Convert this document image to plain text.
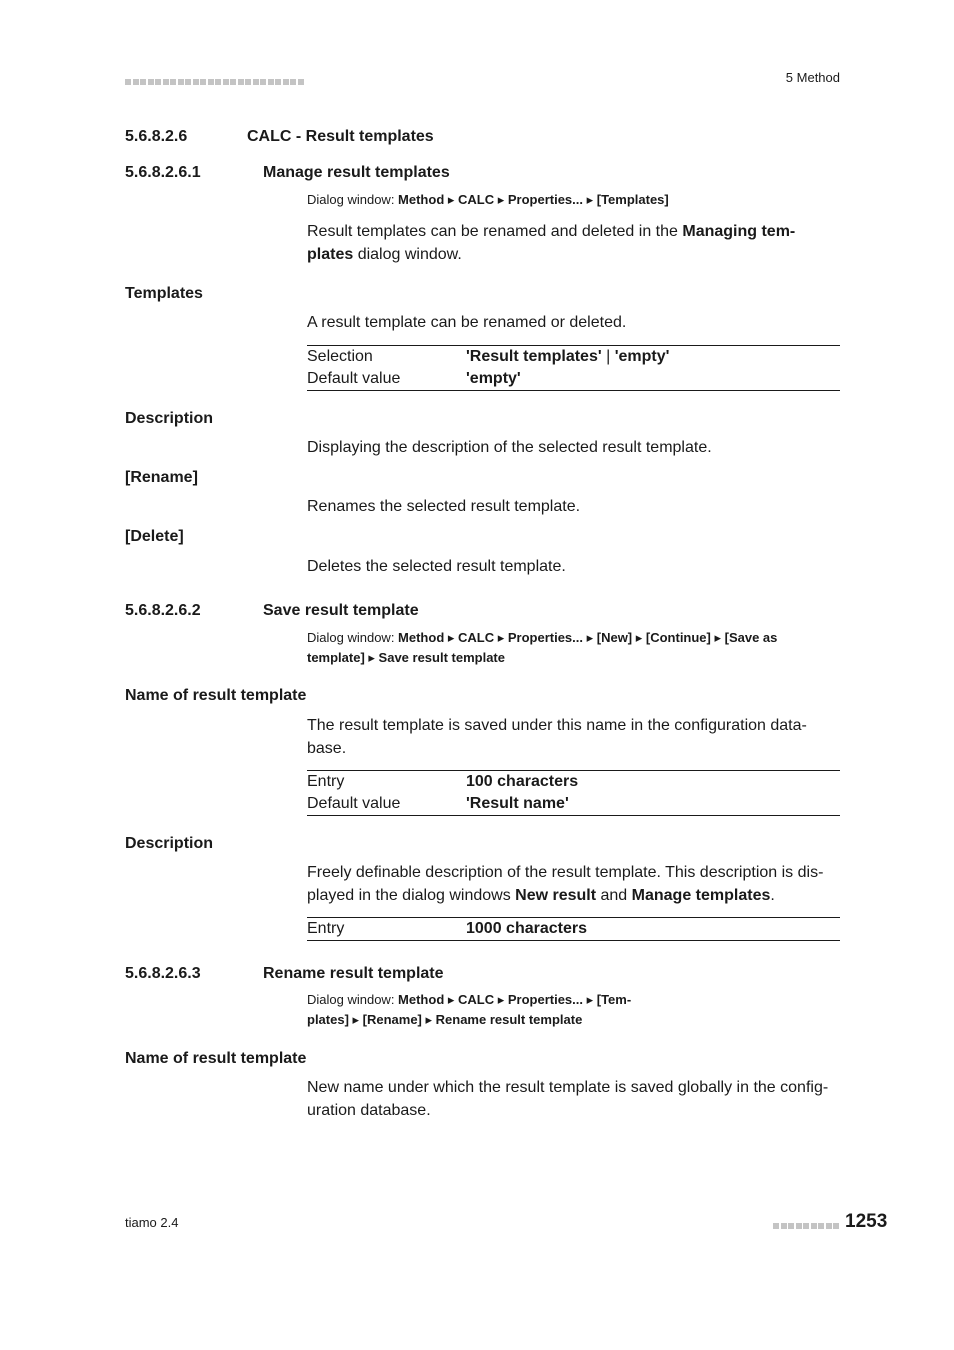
5 Method
5.6.8.2.6	CALC - Result templates
5.6.8.2.6.1	Manage result templates
Dialog window: Method ▸ CALC ▸ Properties... ▸ [Templates]
Result templates can be renamed and deleted in the Managing tem-
plates dialog window.
Templates
A result template can be renamed or deleted.
Selection	'Result templates' | 'empty'
Default value	'empty'
Description
Displaying the description of the selected result template.
[Rename]
Renames the selected result template.
[Delete]
Deletes the selected result template.
5.6.8.2.6.2	Save result template
Dialog window: Method ▸ CALC ▸ Properties... ▸ [New] ▸ [Continue] ▸ [Save as
template] ▸ Save result template
Name of result template
The result template is saved under this name in the configuration data-
base.
Entry	100 characters
Default value	'Result name'
Description
Freely definable description of the result template. This description is dis-
played in the dialog windows New result and Manage templates.
Entry	1000 characters
5.6.8.2.6.3	Rename result template
Dialog window: Method ▸ CALC ▸ Properties... ▸ [Tem-
plates] ▸ [Rename] ▸ Rename result template
Name of result template
New name under which the result template is saved globally in the config-
uration database.
tiamo 2.4	1253
